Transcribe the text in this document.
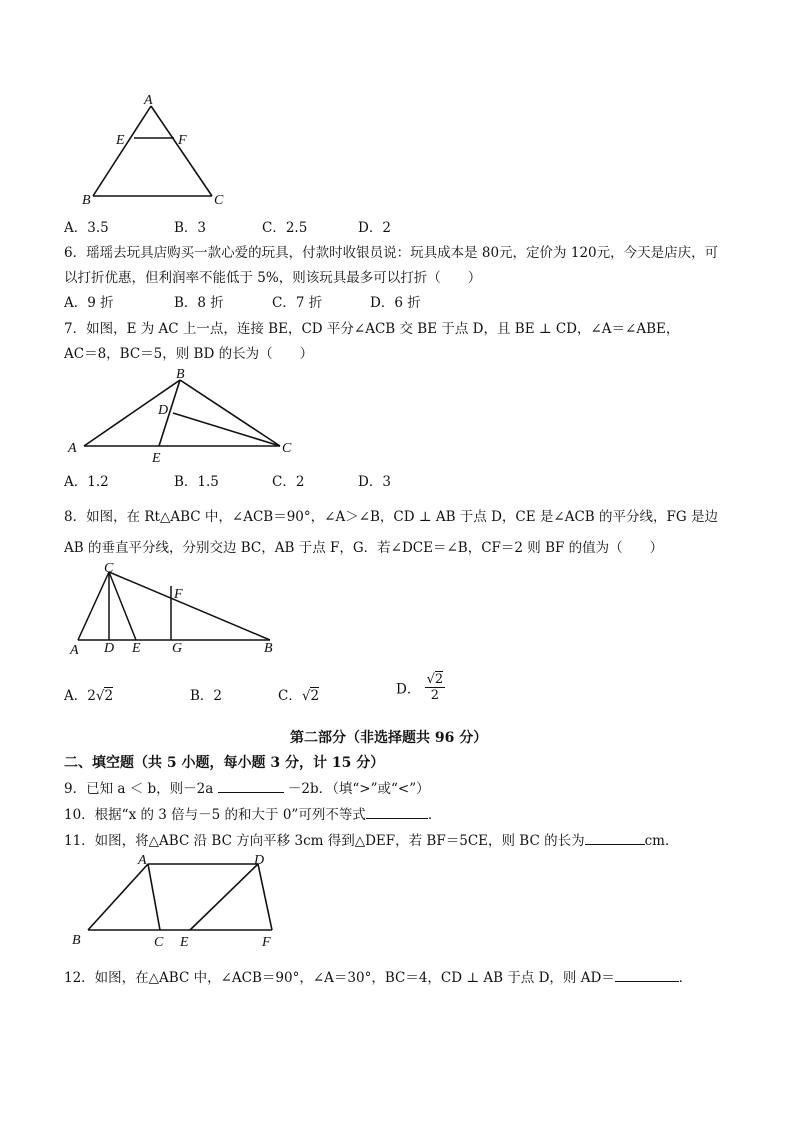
A
E	F
B	C
A．3.5	B．3	C．2.5	D．2
6．瑶瑶去玩具店购买一款心爱的玩具，付款时收银员说：玩具成本是 80元，定价为 120元，今天是店庆，可
以打折优惠，但利润率不能低于 5%，则该玩具最多可以打折（　　）
A．9 折	B．8 折	C．7 折	D．6 折
7．如图，E 为 AC 上一点，连接 BE，CD 平分∠ACB 交 BE 于点 D，且 BE ⊥ CD，∠A＝∠ABE，
AC＝8，BC＝5，则 BD 的长为（　　）
B
D
A
E
C
A．1.2	B．1.5	C．2	D．3
8．如图，在 Rt△ABC 中，∠ACB＝90°，∠A＞∠B，CD ⊥ AB 于点 D，CE 是∠ACB 的平分线，FG 是边
AB 的垂直平分线，分别交边 BC，AB 于点 F，G．若∠DCE＝∠B，CF＝2 则 BF 的值为（　　）
C
F
A D E G	B
A．2√2	B．2	C．√2	D． $\frac{√2}{2}$
第二部分（非选择题共 96 分）
二、填空题（共 5 小题，每小题 3 分，计 15 分）
9．已知 a ＜ b，则－2a	－2b．（填“>”或“<”）
10．根据“x 的 3 倍与－5 的和大于 0”可列不等式	．
11．如图，将△ABC 沿 BC 方向平移 3cm 得到△DEF，若 BF＝5CE，则 BC 的长为	cm．
A	D
B	C E	F
12．如图，在△ABC 中，∠ACB＝90°，∠A＝30°，BC＝4，CD ⊥ AB 于点 D，则 AD＝	．
